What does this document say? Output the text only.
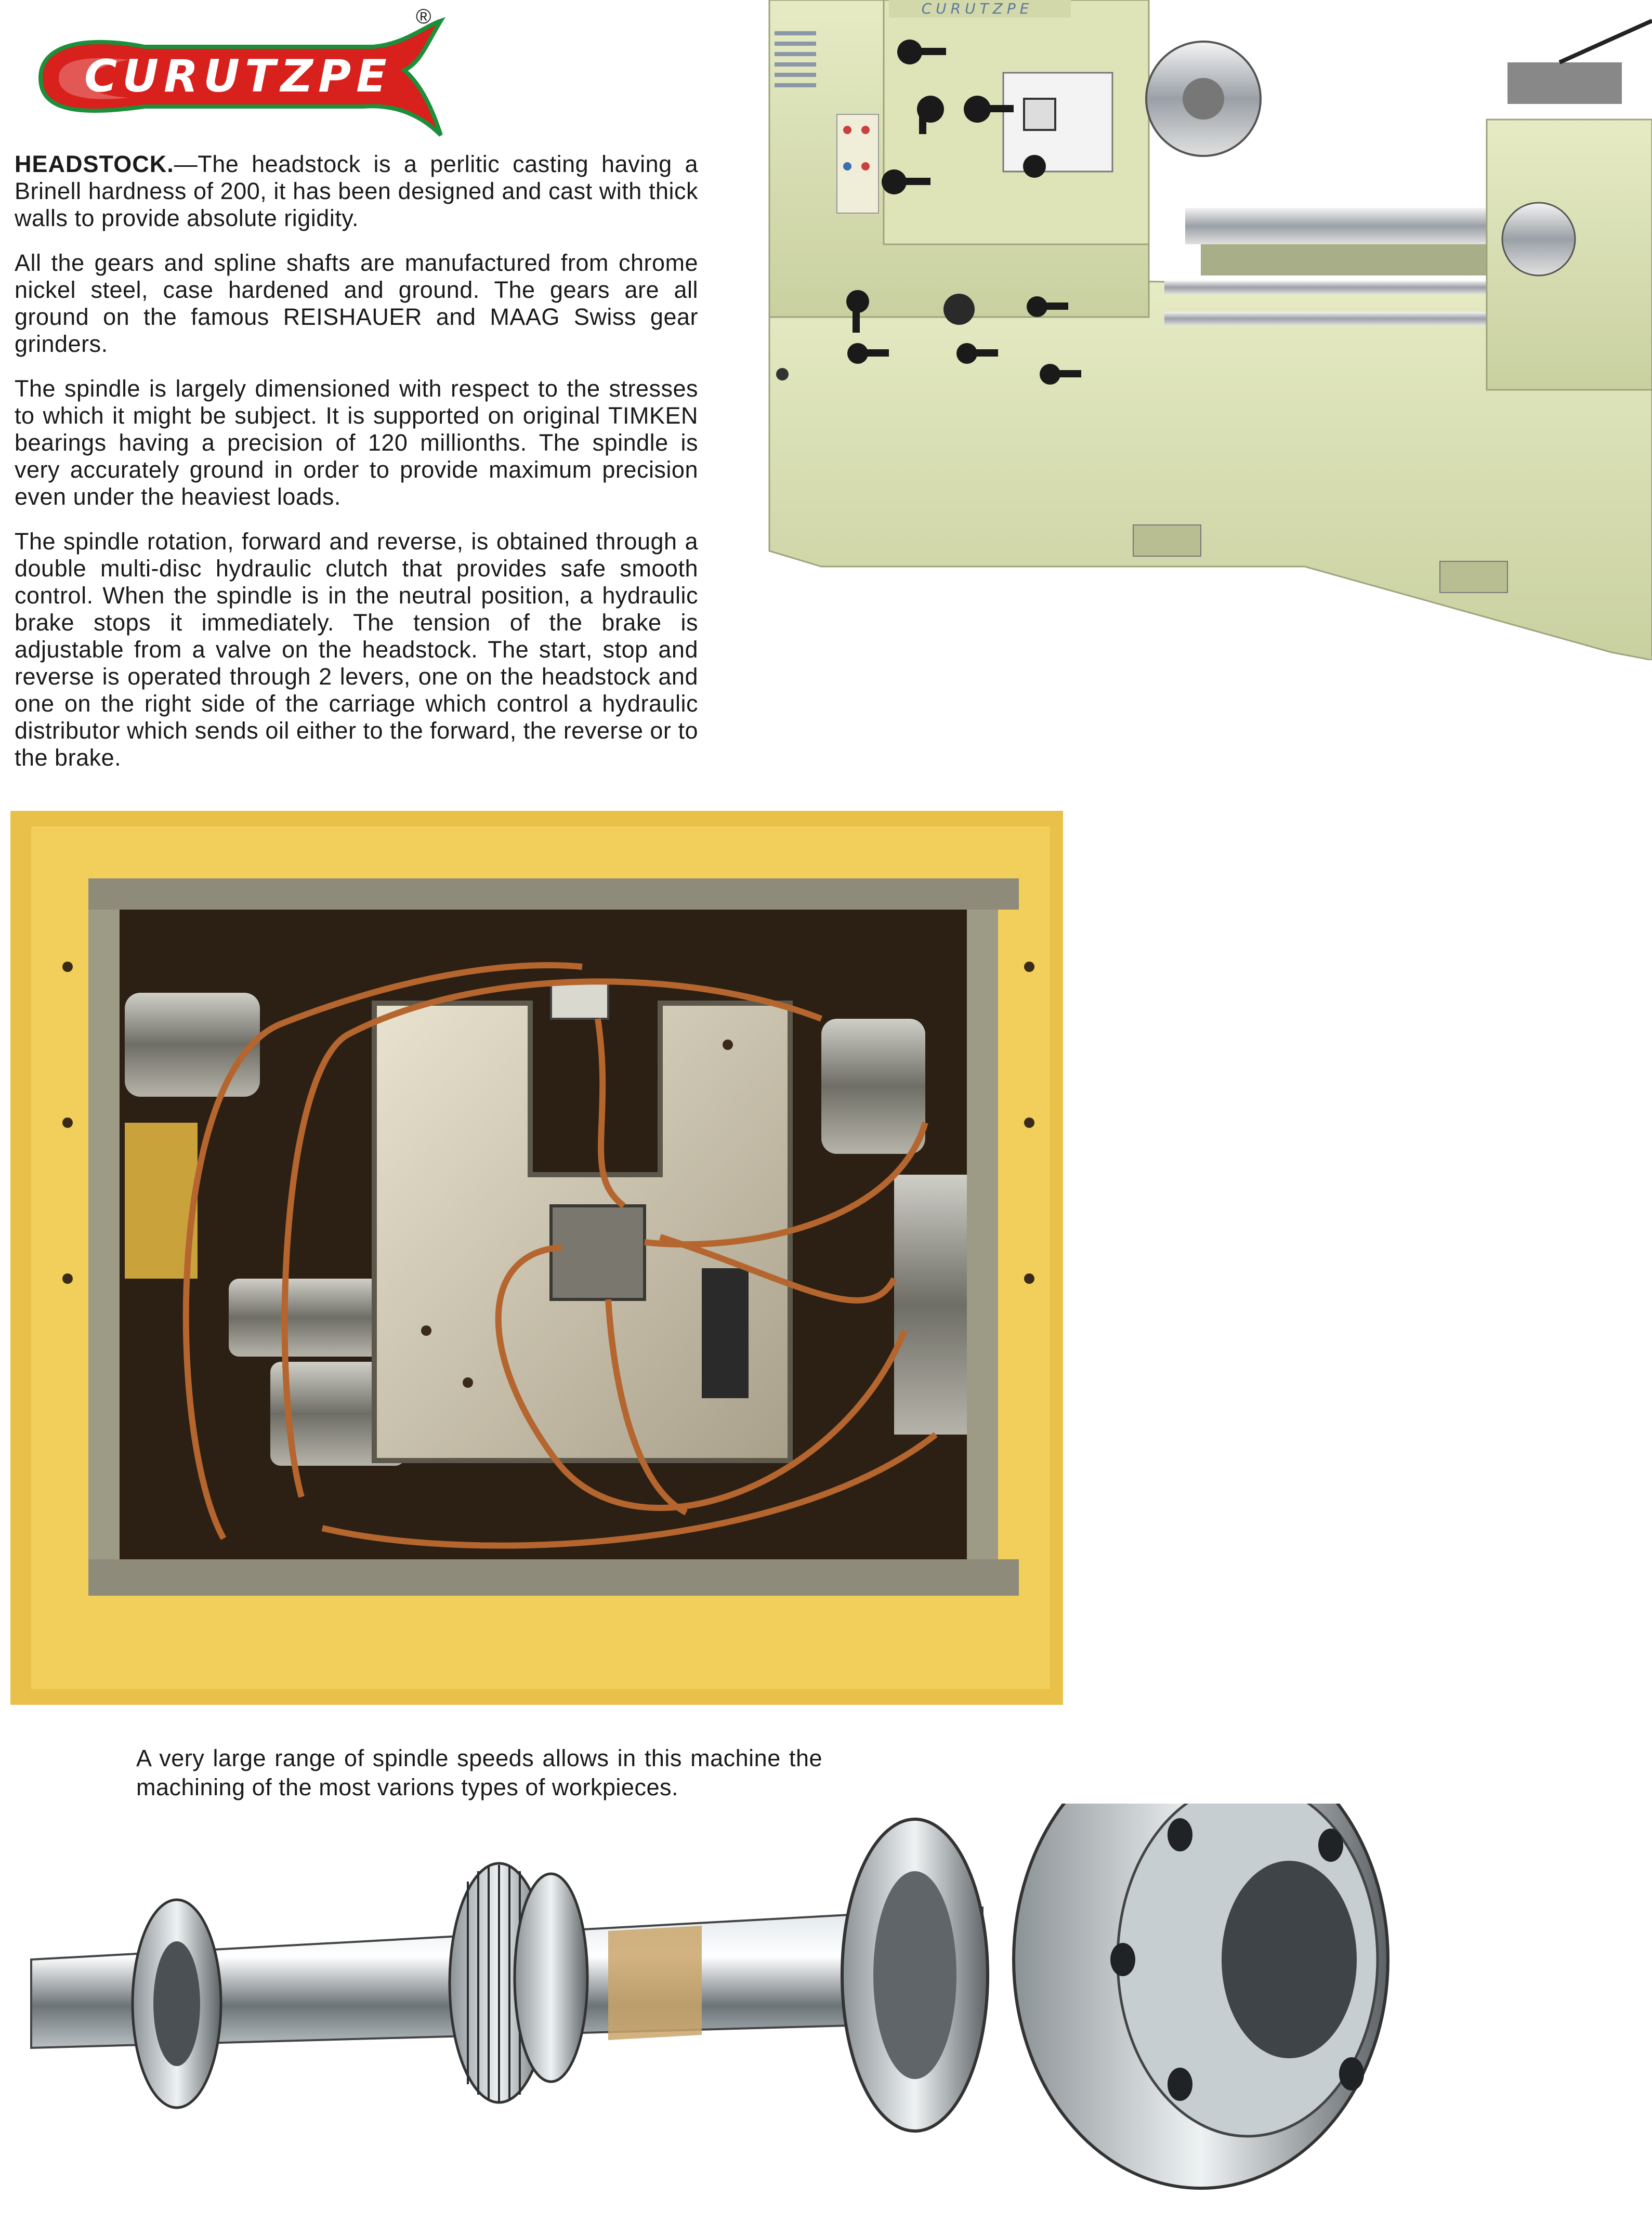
CURUTZPE
®

HEADSTOCK.—The headstock is a perlitic casting having a Brinell hardness of 200, it has been designed and cast with thick walls to provide absolute rigidity.

All the gears and spline shafts are manufactured from chrome nickel steel, case hardened and ground. The gears are all ground on the famous REISHAUER and MAAG Swiss gear grinders.

The spindle is largely dimensioned with respect to the stresses to which it might be subject. It is supported on original TIMKEN bearings having a precision of 120 millionths. The spindle is very accurately ground in order to provide maximum precision even under the heaviest loads.

The spindle rotation, forward and reverse, is obtained through a double multi-disc hydraulic clutch that provides safe smooth control. When the spindle is in the neutral position, a hydraulic brake stops it immediately. The tension of the brake is adjustable from a valve on the headstock. The start, stop and reverse is operated through 2 levers, one on the headstock and one on the right side of the carriage which control a hydraulic distributor which sends oil either to the forward, the reverse or to the brake.

CURUTZPE

A very large range of spindle speeds allows in this machine the machining of the most varions types of workpieces.
